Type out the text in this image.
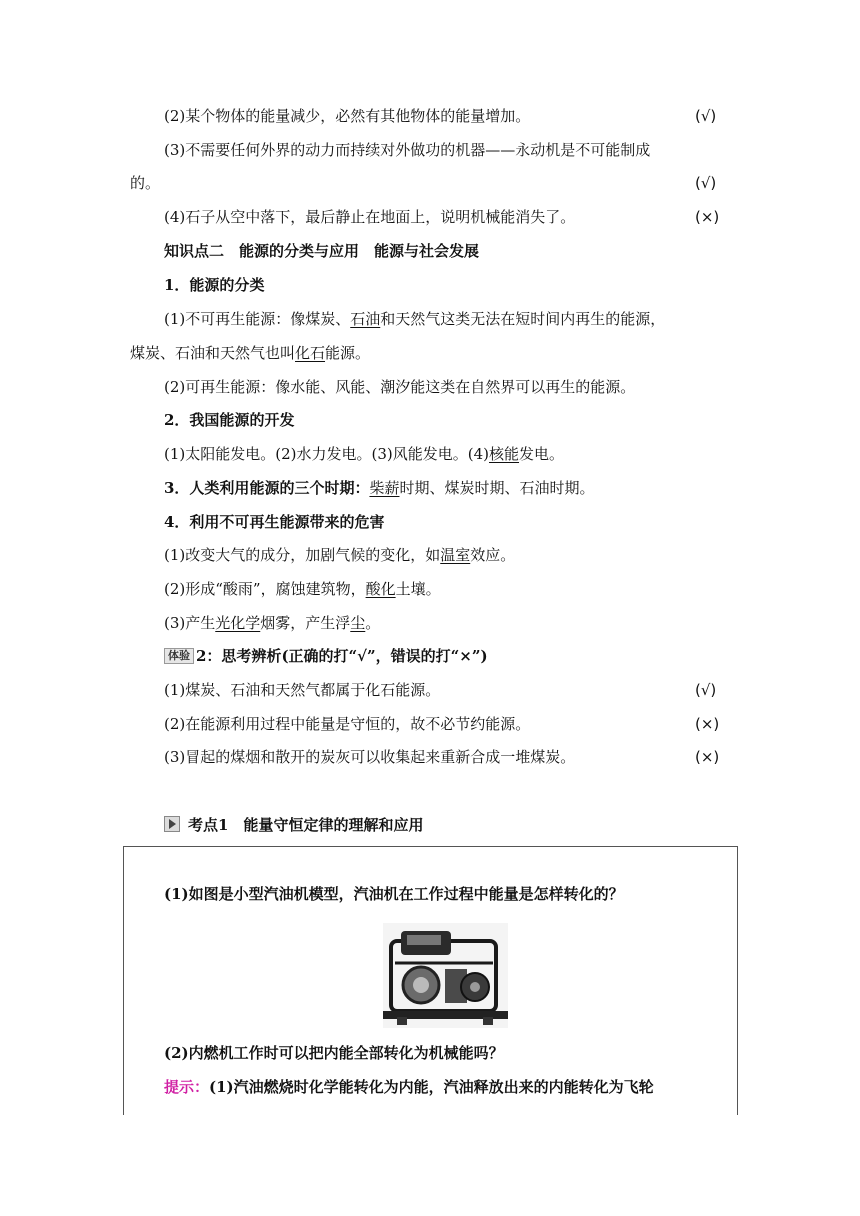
(2)某个物体的能量减少，必然有其他物体的能量增加。	(√)
(3)不需要任何外界的动力而持续对外做功的机器——永动机是不可能制成
的。	(√)
(4)石子从空中落下，最后静止在地面上，说明机械能消失了。	(×)
知识点二　能源的分类与应用　能源与社会发展
1．能源的分类
(1)不可再生能源：像煤炭、石油和天然气这类无法在短时间内再生的能源，
煤炭、石油和天然气也叫化石能源。
(2)可再生能源：像水能、风能、潮汐能这类在自然界可以再生的能源。
2．我国能源的开发
(1)太阳能发电。(2)水力发电。(3)风能发电。(4)核能发电。
3．人类利用能源的三个时期：柴薪时期、煤炭时期、石油时期。
4．利用不可再生能源带来的危害
(1)改变大气的成分，加剧气候的变化，如温室效应。
(2)形成“酸雨”，腐蚀建筑物，酸化土壤。
(3)产生光化学烟雾，产生浮尘。
体验 2：思考辨析(正确的打“√”，错误的打“×”)
(1)煤炭、石油和天然气都属于化石能源。	(√)
(2)在能源利用过程中能量是守恒的，故不必节约能源。	(×)
(3)冒起的煤烟和散开的炭灰可以收集起来重新合成一堆煤炭。	(×)
考点1　能量守恒定律的理解和应用
(1)如图是小型汽油机模型，汽油机在工作过程中能量是怎样转化的？
(2)内燃机工作时可以把内能全部转化为机械能吗？
提示：(1)汽油燃烧时化学能转化为内能，汽油释放出来的内能转化为飞轮
